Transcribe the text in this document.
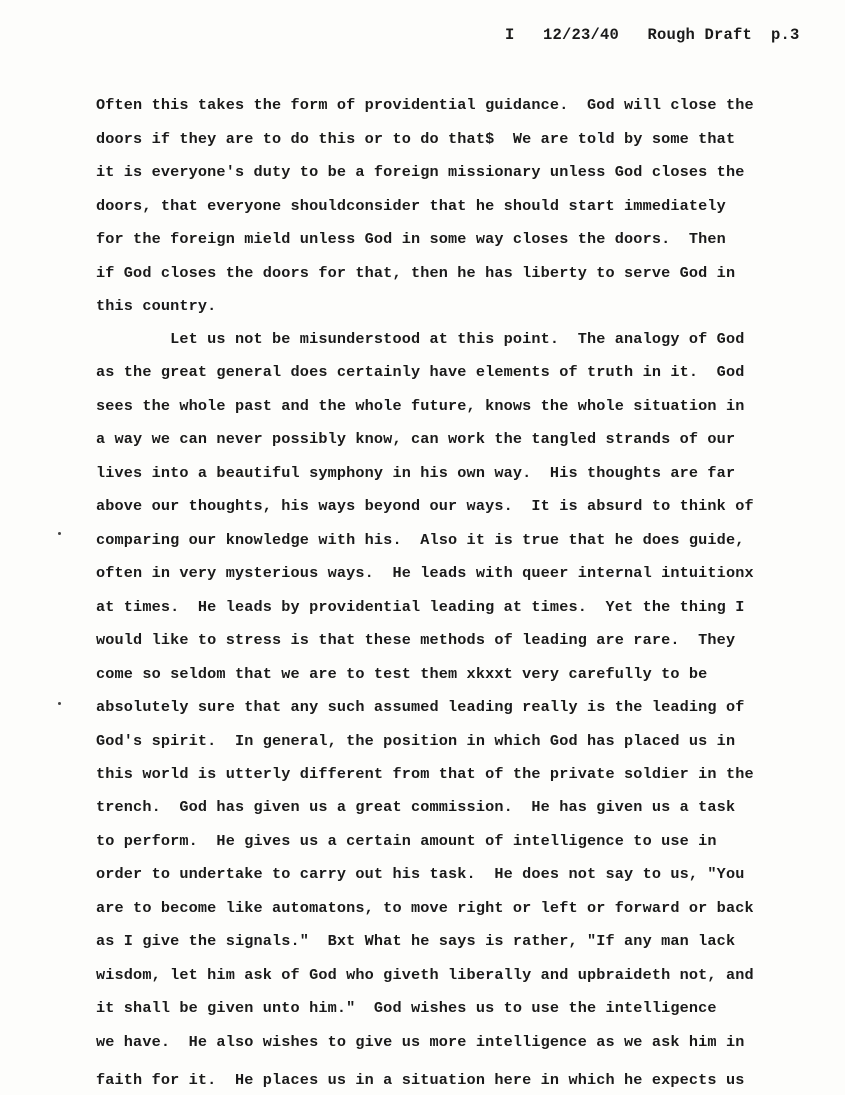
I   12/23/40   Rough Draft  p.3
Often this takes the form of providential guidance.  God will close the
doors if they are to do this or to do that$  We are told by some that
it is everyone's duty to be a foreign missionary unless God closes the
doors, that everyone shouldconsider that he should start immediately
for the foreign mield unless God in some way closes the doors.  Then
if God closes the doors for that, then he has liberty to serve God in
this country.
Let us not be misunderstood at this point.  The analogy of God
as the great general does certainly have elements of truth in it.  God
sees the whole past and the whole future, knows the whole situation in
a way we can never possibly know, can work the tangled strands of our
lives into a beautiful symphony in his own way.  His thoughts are far
above our thoughts, his ways beyond our ways.  It is absurd to think of
comparing our knowledge with his.  Also it is true that he does guide,
often in very mysterious ways.  He leads with queer internal intuitionx
at times.  He leads by providential leading at times.  Yet the thing I
would like to stress is that these methods of leading are rare.  They
come so seldom that we are to test them xkxxt very carefully to be
absolutely sure that any such assumed leading really is the leading of
God's spirit.  In general, the position in which God has placed us in
this world is utterly different from that of the private soldier in the
trench.  God has given us a great commission.  He has given us a task
to perform.  He gives us a certain amount of intelligence to use in
order to undertake to carry out his task.  He does not say to us, "You
are to become like automatons, to move right or left or forward or back
as I give the signals."  Bxt What he says is rather, "If any man lack
wisdom, let him ask of God who giveth liberally and upbraideth not, and
it shall be given unto him."  God wishes us to use the intelligence
we have.  He also wishes to give us more intelligence as we ask him in
faith for it.  He places us in a situation here in which he expects us
